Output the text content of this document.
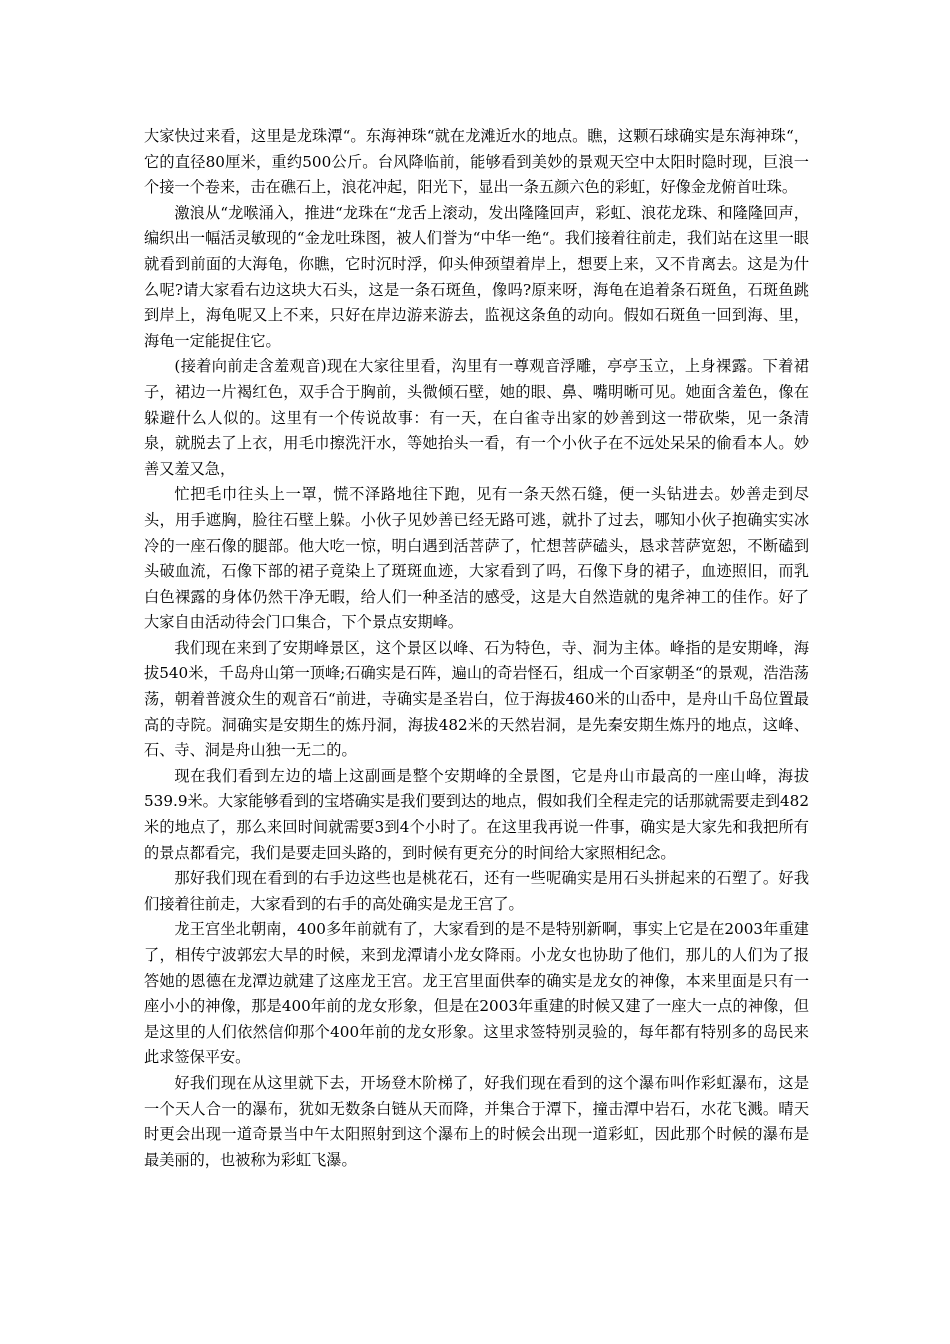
大家快过来看，这里是龙珠潭“。东海神珠“就在龙滩近水的地点。瞧，这颗石球确实是东海神珠“，它的直径80厘米，重约500公斤。台风降临前，能够看到美妙的景观天空中太阳时隐时现，巨浪一个接一个卷来，击在礁石上，浪花冲起，阳光下，显出一条五颜六色的彩虹，好像金龙俯首吐珠。

激浪从“龙喉涌入，推进“龙珠在“龙舌上滚动，发出隆隆回声，彩虹、浪花龙珠、和隆隆回声，编织出一幅活灵敏现的“金龙吐珠图，被人们誉为“中华一绝“。我们接着往前走，我们站在这里一眼就看到前面的大海龟，你瞧，它时沉时浮，仰头伸颈望着岸上，想要上来，又不肯离去。这是为什么呢?请大家看右边这块大石头，这是一条石斑鱼，像吗?原来呀，海龟在追着条石斑鱼，石斑鱼跳到岸上，海龟呢又上不来，只好在岸边游来游去，监视这条鱼的动向。假如石斑鱼一回到海、里，海龟一定能捉住它。

(接着向前走含羞观音)现在大家往里看，沟里有一尊观音浮雕，亭亭玉立，上身裸露。下着裙子，裙边一片褐红色，双手合于胸前，头微倾石壁，她的眼、鼻、嘴明晰可见。她面含羞色，像在躲避什么人似的。这里有一个传说故事：有一天，在白雀寺出家的妙善到这一带砍柴，见一条清泉，就脱去了上衣，用毛巾擦洗汗水，等她抬头一看，有一个小伙子在不远处呆呆的偷看本人。妙善又羞又急，

忙把毛巾往头上一罩，慌不泽路地往下跑，见有一条天然石缝，便一头钻进去。妙善走到尽头，用手遮胸，脸往石壁上躲。小伙子见妙善已经无路可逃，就扑了过去，哪知小伙子抱确实实冰冷的一座石像的腿部。他大吃一惊，明白遇到活菩萨了，忙想菩萨磕头，恳求菩萨宽恕，不断磕到头破血流，石像下部的裙子竟染上了斑斑血迹，大家看到了吗，石像下身的裙子，血迹照旧，而乳白色裸露的身体仍然干净无暇，给人们一种圣洁的感受，这是大自然造就的鬼斧神工的佳作。好了大家自由活动待会门口集合，下个景点安期峰。

我们现在来到了安期峰景区，这个景区以峰、石为特色，寺、洞为主体。峰指的是安期峰，海拔540米，千岛舟山第一顶峰;石确实是石阵，遍山的奇岩怪石，组成一个百家朝圣“的景观，浩浩荡荡，朝着普渡众生的观音石“前进，寺确实是圣岩白，位于海拔460米的山岙中，是舟山千岛位置最高的寺院。洞确实是安期生的炼丹洞，海拔482米的天然岩洞，是先秦安期生炼丹的地点，这峰、石、寺、洞是舟山独一无二的。

现在我们看到左边的墙上这副画是整个安期峰的全景图，它是舟山市最高的一座山峰，海拔539.9米。大家能够看到的宝塔确实是我们要到达的地点，假如我们全程走完的话那就需要走到482米的地点了，那么来回时间就需要3到4个小时了。在这里我再说一件事，确实是大家先和我把所有的景点都看完，我们是要走回头路的，到时候有更充分的时间给大家照相纪念。

那好我们现在看到的右手边这些也是桃花石，还有一些呢确实是用石头拼起来的石塑了。好我们接着往前走，大家看到的右手的高处确实是龙王宫了。

龙王宫坐北朝南，400多年前就有了，大家看到的是不是特别新啊，事实上它是在2003年重建了，相传宁波郭宏大旱的时候，来到龙潭请小龙女降雨。小龙女也协助了他们，那儿的人们为了报答她的恩德在龙潭边就建了这座龙王宫。龙王宫里面供奉的确实是龙女的神像，本来里面是只有一座小小的神像，那是400年前的龙女形象，但是在2003年重建的时候又建了一座大一点的神像，但是这里的人们依然信仰那个400年前的龙女形象。这里求签特别灵验的，每年都有特别多的岛民来此求签保平安。

好我们现在从这里就下去，开场登木阶梯了，好我们现在看到的这个瀑布叫作彩虹瀑布，这是一个天人合一的瀑布，犹如无数条白链从天而降，并集合于潭下，撞击潭中岩石，水花飞溅。晴天时更会出现一道奇景当中午太阳照射到这个瀑布上的时候会出现一道彩虹，因此那个时候的瀑布是最美丽的，也被称为彩虹飞瀑。
